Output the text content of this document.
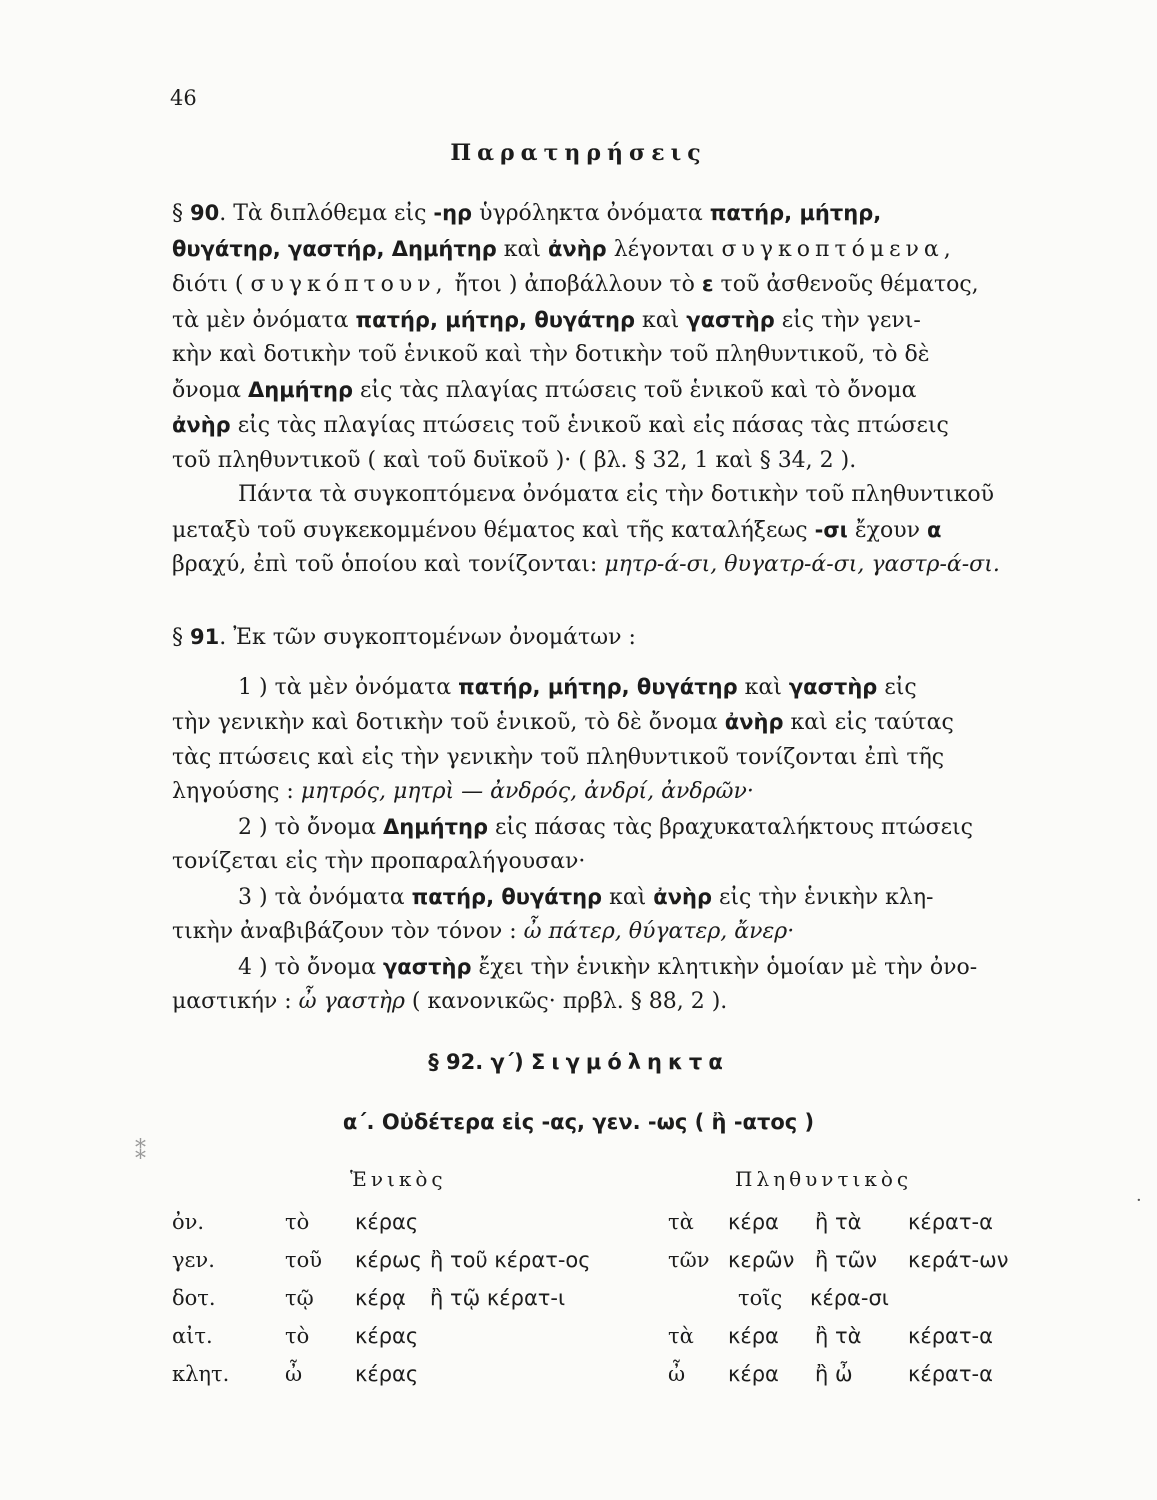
46
Παρατηρήσεις
§ 90. Τὰ διπλόθεμα εἰς -ηρ ὑγρόληκτα ὀνόματα πατήρ, μήτηρ,
θυγάτηρ, γαστήρ, Δημήτηρ καὶ ἀνὴρ λέγονται συγκοπτόμενα,
διότι ( συγκόπτουν, ἤτοι ) ἀποβάλλουν τὸ ε τοῦ ἀσθενοῦς θέματος,
τὰ μὲν ὀνόματα πατήρ, μήτηρ, θυγάτηρ καὶ γαστὴρ εἰς τὴν γενι-
κὴν καὶ δοτικὴν τοῦ ἑνικοῦ καὶ τὴν δοτικὴν τοῦ πληθυντικοῦ, τὸ δὲ
ὄνομα Δημήτηρ εἰς τὰς πλαγίας πτώσεις τοῦ ἑνικοῦ καὶ τὸ ὄνομα
ἀνὴρ εἰς τὰς πλαγίας πτώσεις τοῦ ἑνικοῦ καὶ εἰς πάσας τὰς πτώσεις
τοῦ πληθυντικοῦ ( καὶ τοῦ δυϊκοῦ )· ( βλ. § 32, 1 καὶ § 34, 2 ).
   Πάντα τὰ συγκοπτόμενα ὀνόματα εἰς τὴν δοτικὴν τοῦ πληθυντικοῦ
μεταξὺ τοῦ συγκεκομμένου θέματος καὶ τῆς καταλήξεως -σι ἔχουν α
βραχύ, ἐπὶ τοῦ ὁποίου καὶ τονίζονται: μητρ-ά-σι, θυγατρ-ά-σι, γαστρ-ά-σι.
§ 91. Ἐκ τῶν συγκοπτομένων ὀνομάτων :
   1 ) τὰ μὲν ὀνόματα πατήρ, μήτηρ, θυγάτηρ καὶ γαστὴρ εἰς
τὴν γενικὴν καὶ δοτικὴν τοῦ ἑνικοῦ, τὸ δὲ ὄνομα ἀνὴρ καὶ εἰς ταύτας
τὰς πτώσεις καὶ εἰς τὴν γενικὴν τοῦ πληθυντικοῦ τονίζονται ἐπὶ τῆς
ληγούσης : μητρός, μητρὶ — ἀνδρός, ἀνδρί, ἀνδρῶν·
   2 ) τὸ ὄνομα Δημήτηρ εἰς πάσας τὰς βραχυκαταλήκτους πτώσεις
τονίζεται εἰς τὴν προπαραλήγουσαν·
   3 ) τὰ ὀνόματα πατήρ, θυγάτηρ καὶ ἀνὴρ εἰς τὴν ἑνικὴν κλη-
τικὴν ἀναβιβάζουν τὸν τόνον : ὦ πάτερ, θύγατερ, ἄνερ·
   4 ) τὸ ὄνομα γαστὴρ ἔχει τὴν ἑνικὴν κλητικὴν ὁμοίαν μὲ τὴν ὀνο-
μαστικήν : ὦ γαστὴρ ( κανονικῶς· πρβλ. § 88, 2 ).
§ 92. γ΄) Σιγμόληκτα
α΄. Οὐδέτερα εἰς -ας, γεν. -ως ( ἢ -ατος )
Ἑνικὸς	Πληθυντικὸς
ὀν.	τὸ κέρας	τὰ κέρα ἢ τὰ κέρατ-α
γεν.	τοῦ κέρως ἢ τοῦ κέρατ-ος	τῶν κερῶν ἢ τῶν κεράτ-ων
δοτ.	τῷ κέρᾳ ἢ τῷ κέρατ-ι	τοῖς κέρα-σι
αἰτ.	τὸ κέρας	τὰ κέρα ἢ τὰ κέρατ-α
κλητ.	ὦ	κέρας	ὦ κέρα ἢ ὦ	κέρατ-α
⁑
·
